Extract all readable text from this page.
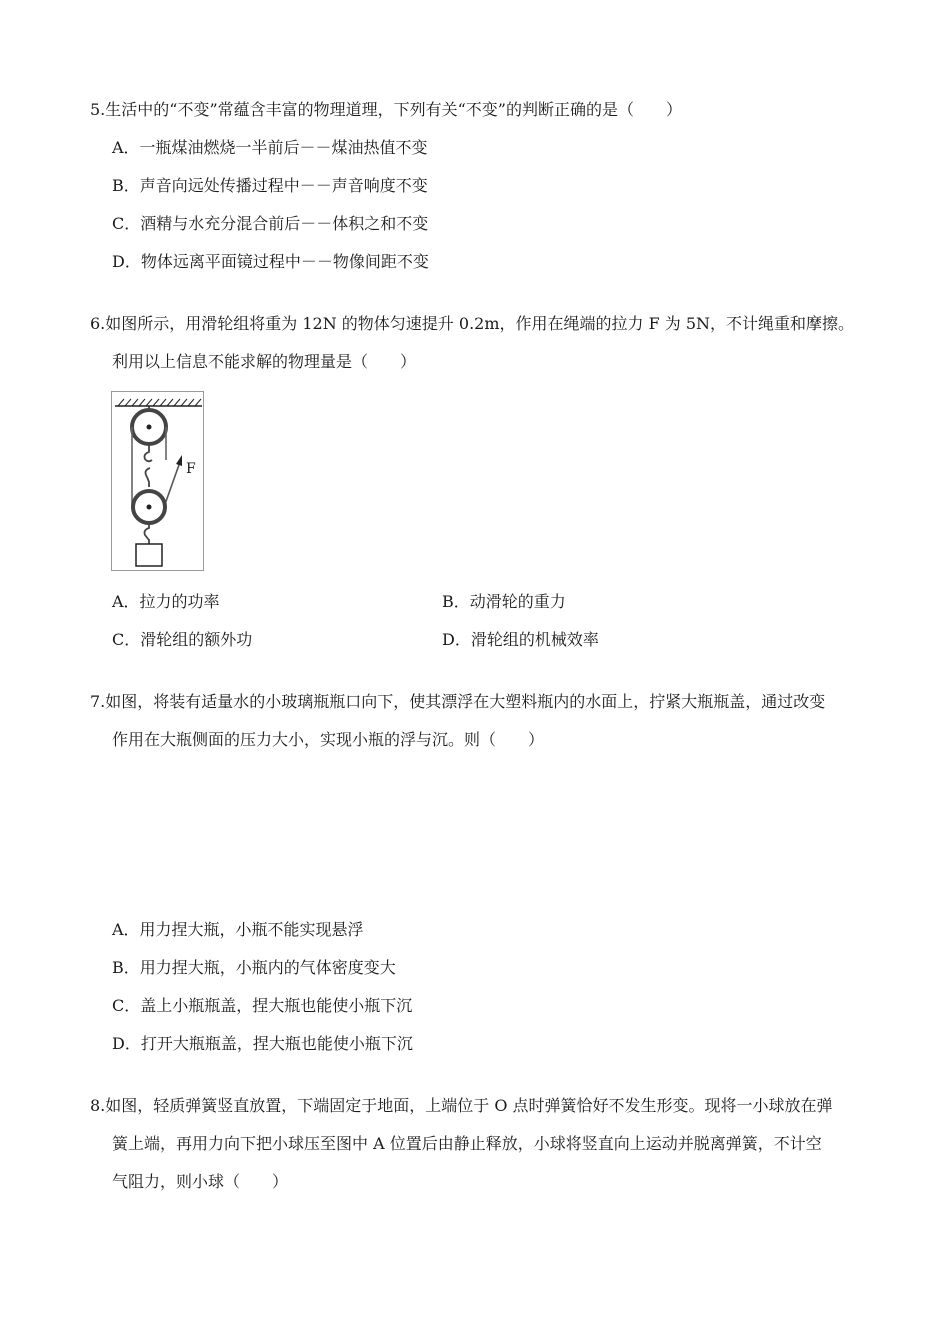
5.生活中的“不变”常蕴含丰富的物理道理，下列有关“不变”的判断正确的是（　　）
A．一瓶煤油燃烧一半前后－－煤油热值不变
B．声音向远处传播过程中－－声音响度不变
C．酒精与水充分混合前后－－体积之和不变
D．物体远离平面镜过程中－－物像间距不变
6.如图所示，用滑轮组将重为 12N 的物体匀速提升 0.2m，作用在绳端的拉力 F 为 5N，不计绳重和摩擦。
利用以上信息不能求解的物理量是（　　）
F
A．拉力的功率	B．动滑轮的重力
C．滑轮组的额外功	D．滑轮组的机械效率
7.如图，将装有适量水的小玻璃瓶瓶口向下，使其漂浮在大塑料瓶内的水面上，拧紧大瓶瓶盖，通过改变
作用在大瓶侧面的压力大小，实现小瓶的浮与沉。则（　　）
A．用力捏大瓶，小瓶不能实现悬浮
B．用力捏大瓶，小瓶内的气体密度变大
C．盖上小瓶瓶盖，捏大瓶也能使小瓶下沉
D．打开大瓶瓶盖，捏大瓶也能使小瓶下沉
8.如图，轻质弹簧竖直放置，下端固定于地面，上端位于 O 点时弹簧恰好不发生形变。现将一小球放在弹
簧上端，再用力向下把小球压至图中 A 位置后由静止释放，小球将竖直向上运动并脱离弹簧，不计空
气阻力，则小球（　　）
